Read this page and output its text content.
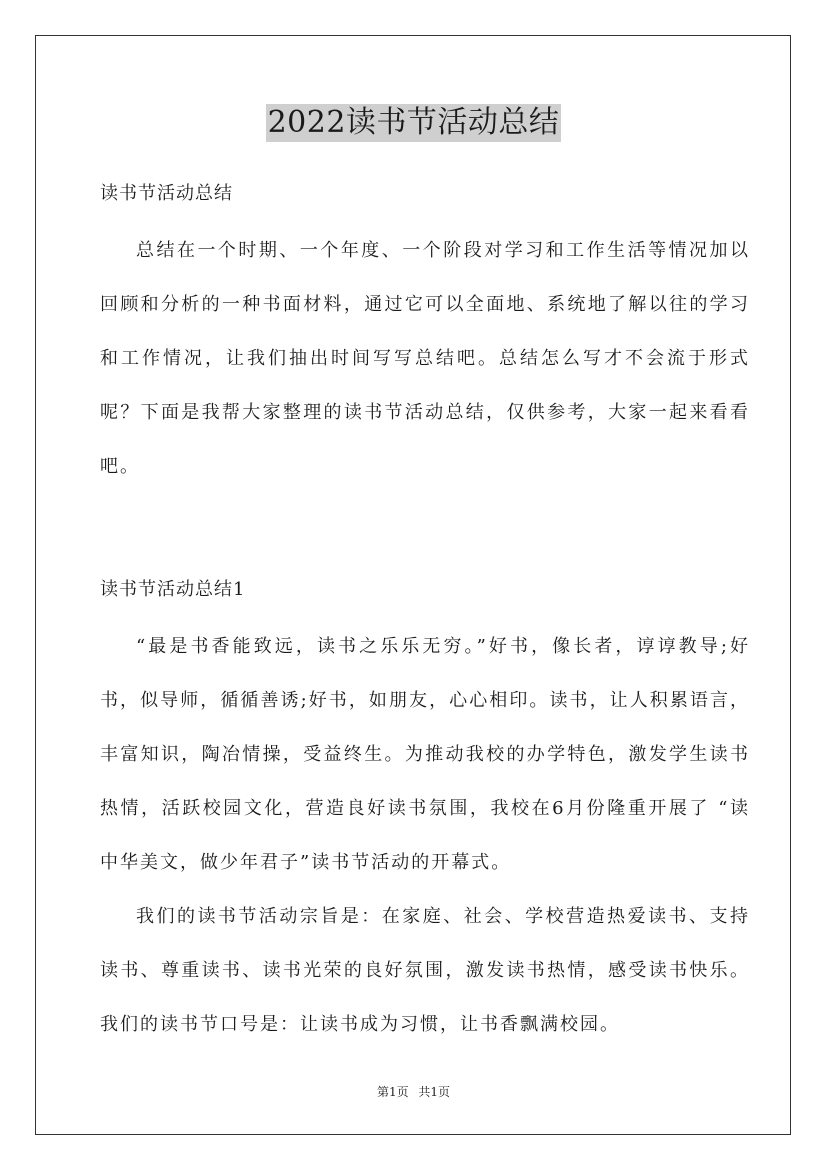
2022读书节活动总结

读书节活动总结

总结在一个时期、一个年度、一个阶段对学习和工作生活等情况加以回顾和分析的一种书面材料，通过它可以全面地、系统地了解以往的学习和工作情况，让我们抽出时间写写总结吧。总结怎么写才不会流于形式呢？下面是我帮大家整理的读书节活动总结，仅供参考，大家一起来看看吧。

读书节活动总结1

“最是书香能致远，读书之乐乐无穷。”好书，像长者，谆谆教导;好书，似导师，循循善诱;好书，如朋友，心心相印。读书，让人积累语言，丰富知识，陶冶情操，受益终生。为推动我校的办学特色，激发学生读书热情，活跃校园文化，营造良好读书氛围，我校在6月份隆重开展了 “读中华美文，做少年君子”读书节活动的开幕式。

我们的读书节活动宗旨是：在家庭、社会、学校营造热爱读书、支持读书、尊重读书、读书光荣的良好氛围，激发读书热情，感受读书快乐。我们的读书节口号是：让读书成为习惯，让书香飘满校园。

第1页 共1页
